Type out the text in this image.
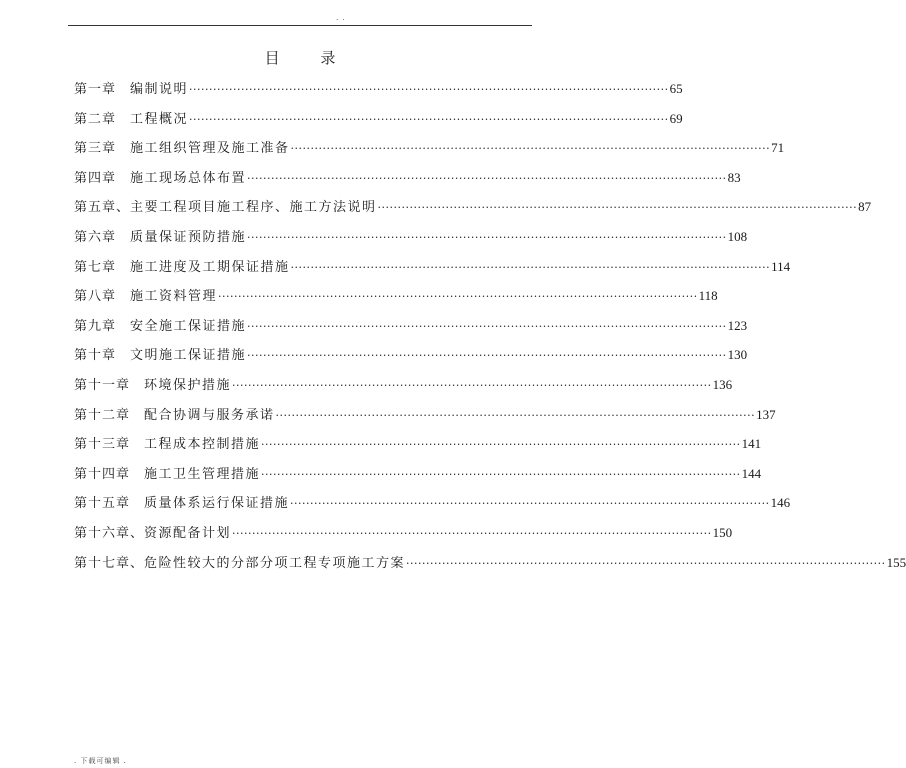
. .
目 录
第一章 编制说明 ························································································································ 65
第二章 工程概况 ························································································································ 69
第三章 施工组织管理及施工准备 ························································································································ 71
第四章 施工现场总体布置 ························································································································ 83
第五章、 主要工程项目施工程序、施工方法说明 ························································································································ 87
第六章 质量保证预防措施 ························································································································ 108
第七章 施工进度及工期保证措施 ························································································································ 114
第八章 施工资料管理 ························································································································ 118
第九章 安全施工保证措施 ························································································································ 123
第十章 文明施工保证措施 ························································································································ 130
第十一章 环境保护措施 ························································································································ 136
第十二章 配合协调与服务承诺 ························································································································ 137
第十三章 工程成本控制措施 ························································································································ 141
第十四章 施工卫生管理措施 ························································································································ 144
第十五章 质量体系运行保证措施 ························································································································ 146
第十六章、 资源配备计划 ························································································································ 150
第十七章、 危险性较大的分部分项工程专项施工方案 ························································································································ 155
. 下载可编辑 .
